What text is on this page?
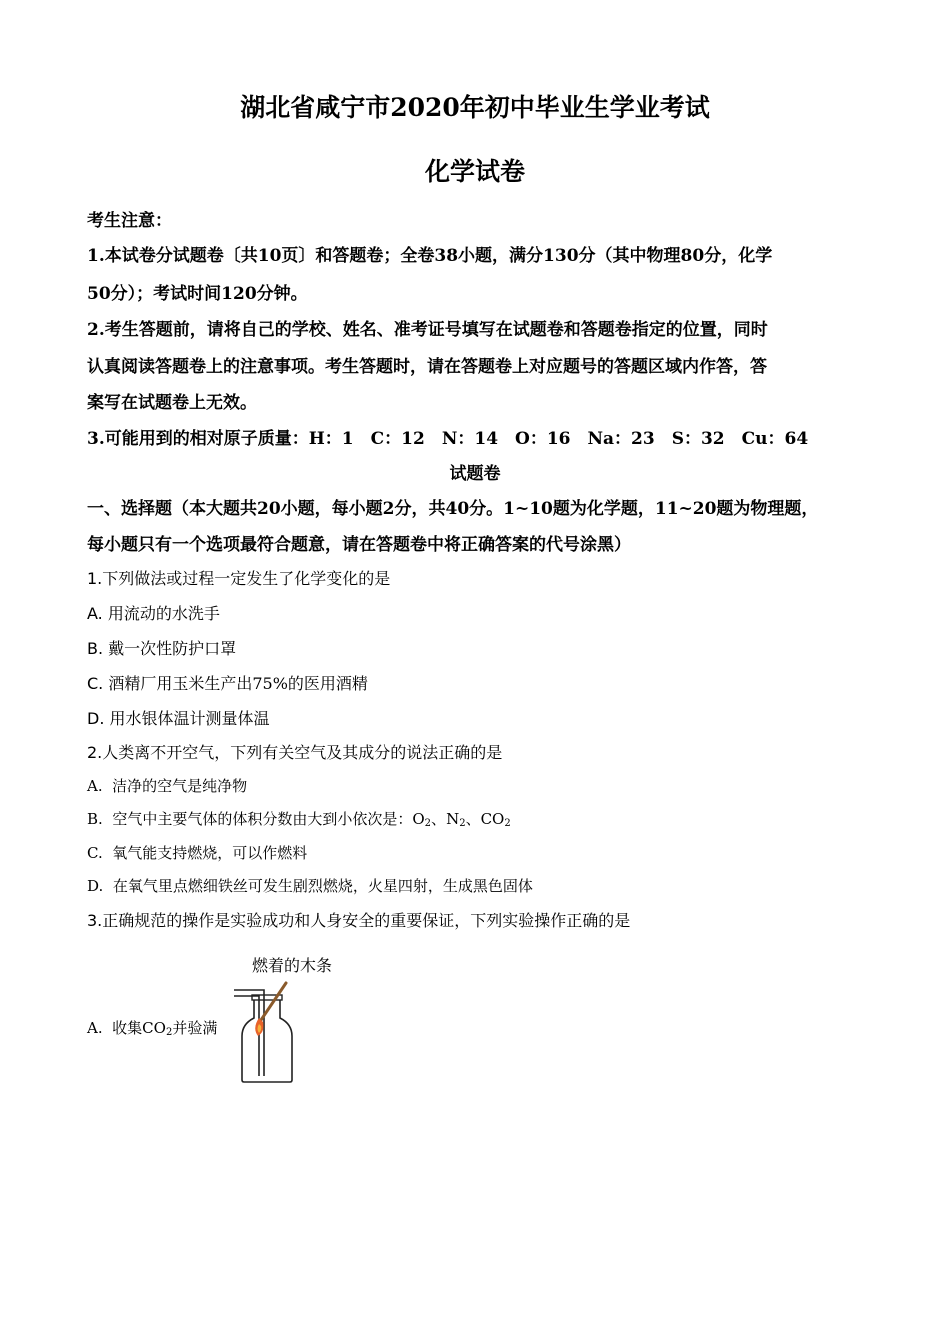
湖北省咸宁市2020年初中毕业生学业考试
化学试卷
考生注意：
1.本试卷分试题卷〔共10页〕和答题卷；全卷38小题，满分130分（其中物理80分，化学
50分）；考试时间120分钟。
2.考生答题前，请将自己的学校、姓名、准考证号填写在试题卷和答题卷指定的位置，同时
认真阅读答题卷上的注意事项。考生答题时，请在答题卷上对应题号的答题区域内作答，答
案写在试题卷上无效。
3.可能用到的相对原子质量：H：1　C：12　N：14　O：16　Na：23　S：32　Cu：64
试题卷
一、选择题（本大题共20小题，每小题2分，共40分。1~10题为化学题，11~20题为物理题，
每小题只有一个选项最符合题意，请在答题卷中将正确答案的代号涂黑）
1.下列做法或过程一定发生了化学变化的是
A. 用流动的水洗手
B. 戴一次性防护口罩
C. 酒精厂用玉米生产出75%的医用酒精
D. 用水银体温计测量体温
2.人类离不开空气，下列有关空气及其成分的说法正确的是
A. 洁净的空气是纯净物
B. 空气中主要气体的体积分数由大到小依次是：$O_2$、$N_2$、$CO_2$
C. 氧气能支持燃烧，可以作燃料
D. 在氧气里点燃细铁丝可发生剧烈燃烧，火星四射，生成黑色固体
3.正确规范的操作是实验成功和人身安全的重要保证，下列实验操作正确的是
A. 收集$CO_2$并验满
燃着的木条
